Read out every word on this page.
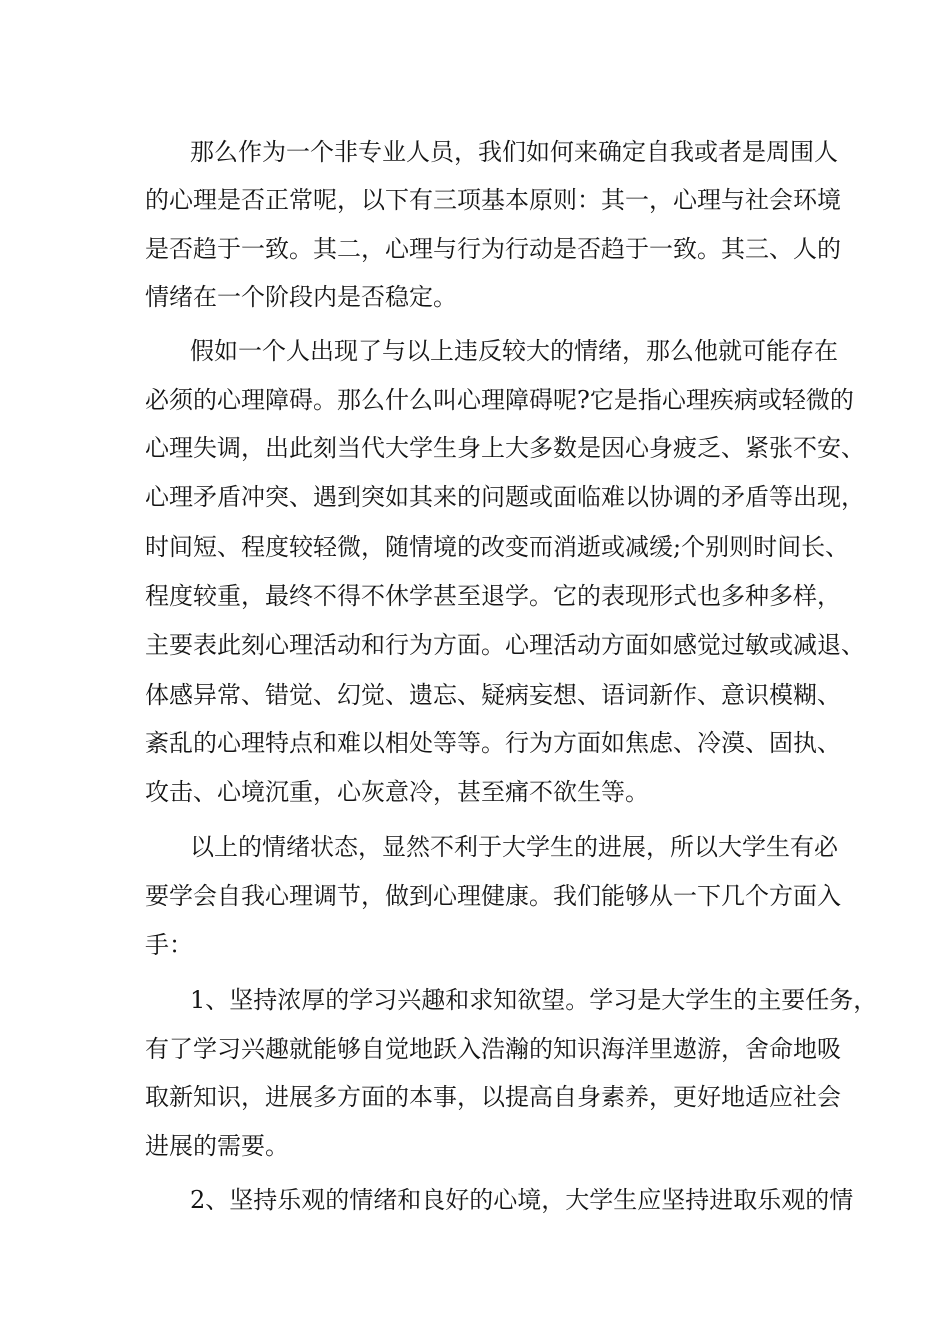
那么作为一个非专业人员，我们如何来确定自我或者是周围人

的心理是否正常呢，以下有三项基本原则：其一，心理与社会环境

是否趋于一致。其二，心理与行为行动是否趋于一致。其三、人的

情绪在一个阶段内是否稳定。

假如一个人出现了与以上违反较大的情绪，那么他就可能存在

必须的心理障碍。那么什么叫心理障碍呢?它是指心理疾病或轻微的

心理失调，出此刻当代大学生身上大多数是因心身疲乏、紧张不安、

心理矛盾冲突、遇到突如其来的问题或面临难以协调的矛盾等出现，

时间短、程度较轻微，随情境的改变而消逝或减缓;个别则时间长、

程度较重，最终不得不休学甚至退学。它的表现形式也多种多样，

主要表此刻心理活动和行为方面。心理活动方面如感觉过敏或减退、

体感异常、错觉、幻觉、遗忘、疑病妄想、语词新作、意识模糊、

紊乱的心理特点和难以相处等等。行为方面如焦虑、冷漠、固执、

攻击、心境沉重，心灰意冷，甚至痛不欲生等。

以上的情绪状态，显然不利于大学生的进展，所以大学生有必

要学会自我心理调节，做到心理健康。我们能够从一下几个方面入

手：

1、坚持浓厚的学习兴趣和求知欲望。学习是大学生的主要任务，

有了学习兴趣就能够自觉地跃入浩瀚的知识海洋里遨游，舍命地吸

取新知识，进展多方面的本事，以提高自身素养，更好地适应社会

进展的需要。

2、坚持乐观的情绪和良好的心境，大学生应坚持进取乐观的情
